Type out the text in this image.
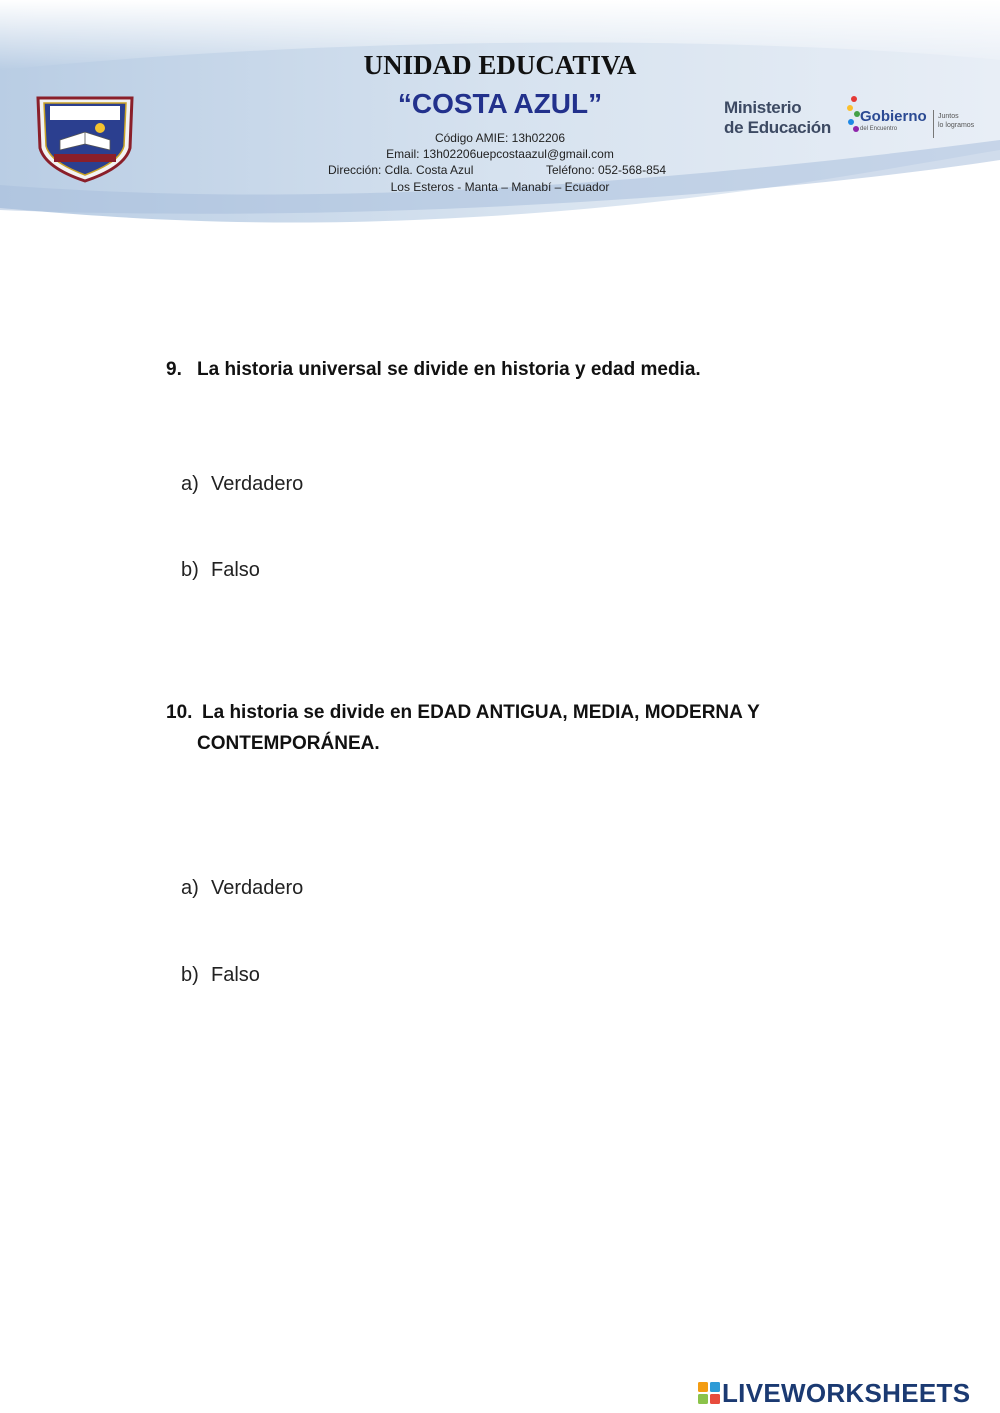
UNIDAD EDUCATIVA
“COSTA AZUL”
Código AMIE: 13h02206
Email: 13h02206uepcostaazul@gmail.com
Dirección: Cdla. Costa Azul	Teléfono: 052-568-854
Los Esteros - Manta – Manabí – Ecuador
Ministerio
de Educación
Gobierno
del Encuentro
Juntos
lo logramos
9. La historia universal se divide en historia y edad media.
a) Verdadero
b) Falso
10. La historia se divide en EDAD ANTIGUA, MEDIA, MODERNA Y
CONTEMPORÁNEA.
a) Verdadero
b) Falso
LIVEWORKSHEETS
